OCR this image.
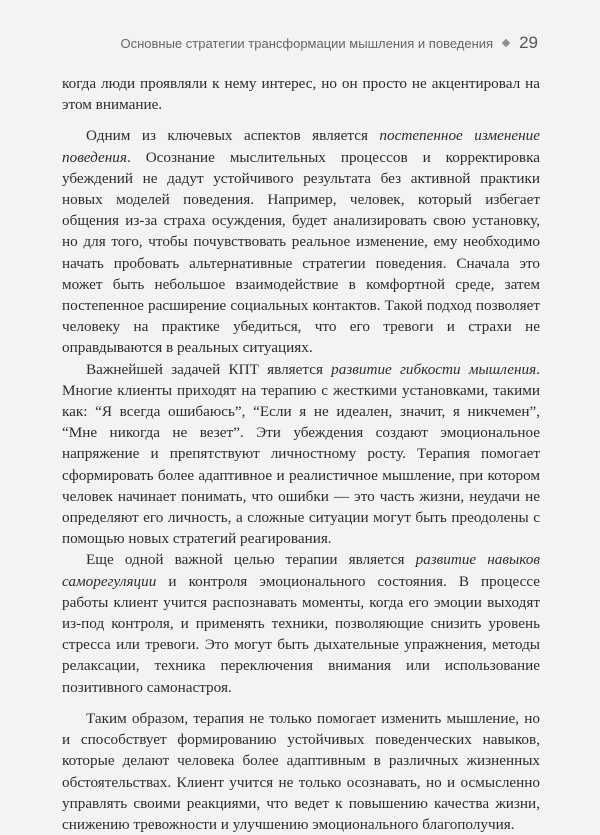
Основные стратегии трансформации мышления и поведения 29

когда люди проявляли к нему интерес, но он просто не акцентировал на этом внимание.

Одним из ключевых аспектов является постепенное изменение поведения. Осознание мыслительных процессов и корректировка убеждений не дадут устойчивого результата без активной практики новых моделей поведения. Например, человек, который избегает общения из-за страха осуждения, будет анализировать свою установку, но для того, чтобы почувствовать реальное изменение, ему необходимо начать пробовать альтернативные стратегии поведения. Сначала это может быть небольшое взаимодействие в комфортной среде, затем постепенное расширение социальных контактов. Такой подход позволяет человеку на практике убедиться, что его тревоги и страхи не оправдываются в реальных ситуациях.

Важнейшей задачей КПТ является развитие гибкости мышления. Многие клиенты приходят на терапию с жесткими установками, такими как: “Я всегда ошибаюсь”, “Если я не идеален, значит, я никчемен”, “Мне никогда не везет”. Эти убеждения создают эмоциональное напряжение и препятствуют личностному росту. Терапия помогает сформировать более адаптивное и реалистичное мышление, при котором человек начинает понимать, что ошибки — это часть жизни, неудачи не определяют его личность, а сложные ситуации могут быть преодолены с помощью новых стратегий реагирования.

Еще одной важной целью терапии является развитие навыков саморегуляции и контроля эмоционального состояния. В процессе работы клиент учится распознавать моменты, когда его эмоции выходят из-под контроля, и применять техники, позволяющие снизить уровень стресса или тревоги. Это могут быть дыхательные упражнения, методы релаксации, техника переключения внимания или использование позитивного самонастроя.

Таким образом, терапия не только помогает изменить мышление, но и способствует формированию устойчивых поведенческих навыков, которые делают человека более адаптивным в различных жизненных обстоятельствах. Клиент учится не только осознавать, но и осмысленно управлять своими реакциями, что ведет к повышению качества жизни, снижению тревожности и улучшению эмоционального благополучия.
